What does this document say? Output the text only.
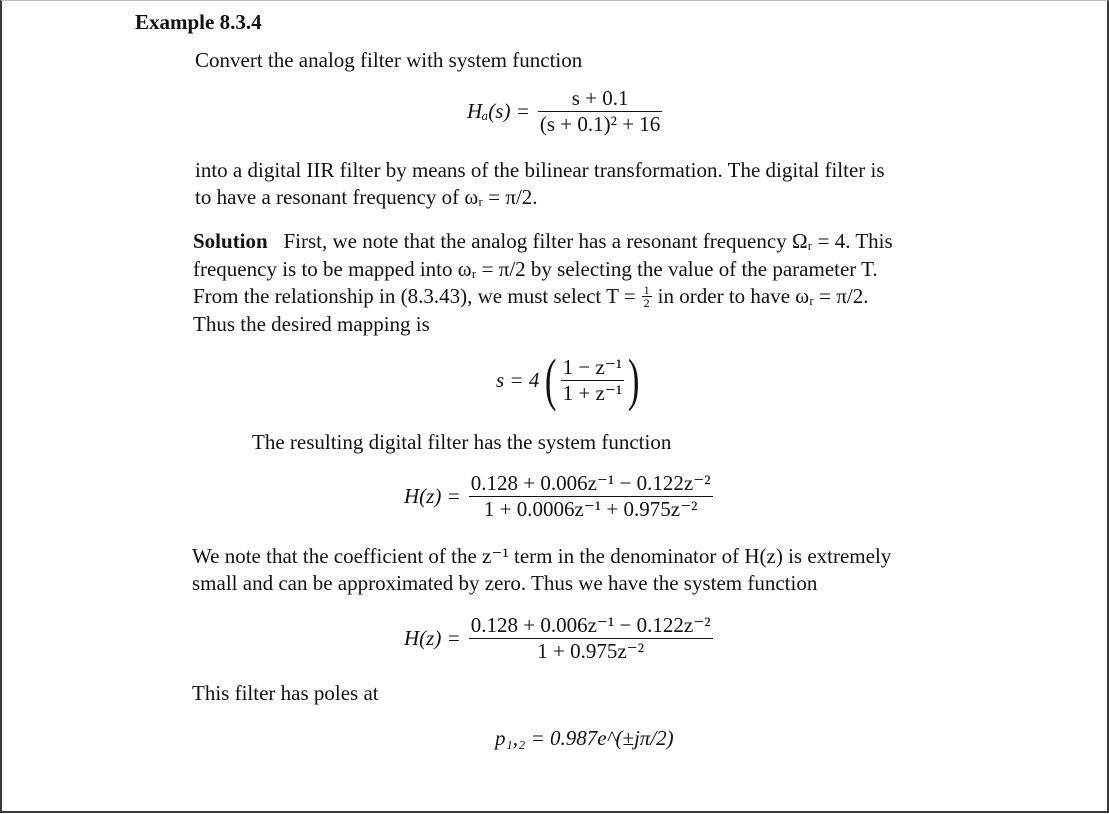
Example 8.3.4
Convert the analog filter with system function
$H_a(s) = \frac{s + 0.1}{\text{(s + 0.1)² + 16}}$
into a digital IIR filter by means of the bilinear transformation. The digital filter is
to have a resonant frequency of ωᵣ = π/2.
Solution First, we note that the analog filter has a resonant frequency Ωᵣ = 4. This
frequency is to be mapped into ωᵣ = π/2 by selecting the value of the parameter T.
From the relationship in (8.3.43), we must select $T = \frac{1}{2}$ in order to have ωᵣ = π/2.
Thus the desired mapping is
s = 4 ( $\frac{\text{1 − z⁻¹}}{\text{1 + z⁻¹}}$ )
The resulting digital filter has the system function
$H(z) = \frac{\text{0.128 + 0.006z⁻¹ − 0.122z⁻²}}{\text{1 + 0.0006z⁻¹ + 0.975z⁻²}}$
We note that the coefficient of the z⁻¹ term in the denominator of H(z) is extremely
small and can be approximated by zero. Thus we have the system function
$H(z) = \frac{\text{0.128 + 0.006z⁻¹ − 0.122z⁻²}}{\text{1 + 0.975z⁻²}}$
This filter has poles at
p₁,₂ = 0.987e^(±jπ/2)
